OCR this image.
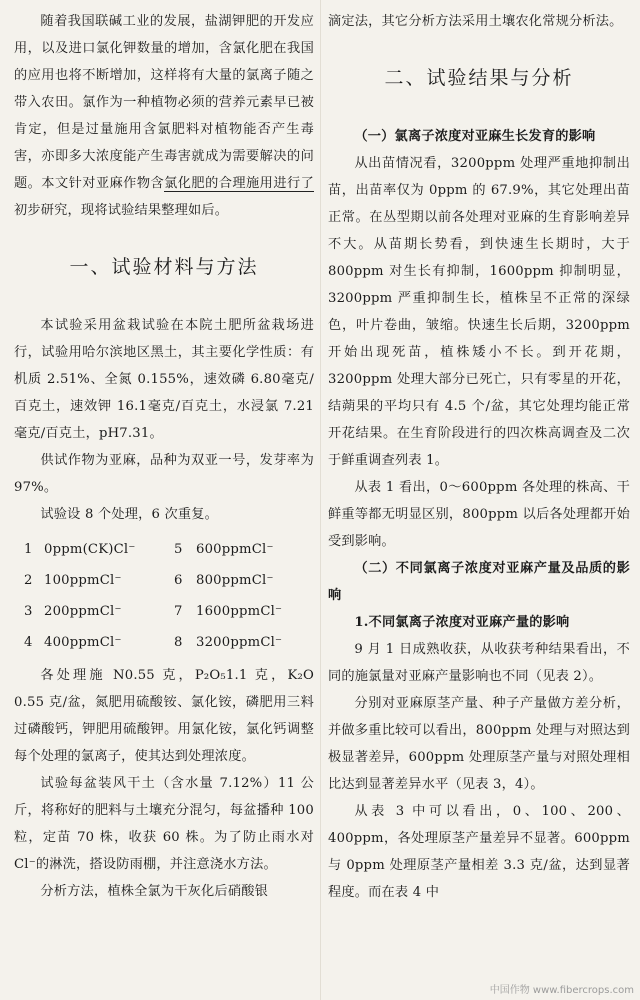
随着我国联碱工业的发展，盐湖钾肥的开发应用，以及进口氯化钾数量的增加，含氯化肥在我国的应用也将不断增加，这样将有大量的氯离子随之带入农田。氯作为一种植物必须的营养元素早已被肯定，但是过量施用含氯肥料对植物能否产生毒害，亦即多大浓度能产生毒害就成为需要解决的问题。本文针对亚麻作物含氯化肥的合理施用进行了初步研究，现将试验结果整理如后。

一、试验材料与方法

本试验采用盆栽试验在本院土肥所盆栽场进行，试验用哈尔滨地区黑土，其主要化学性质：有机质 2.51%、全氮 0.155%，速效磷 6.80毫克/百克土，速效钾 16.1毫克/百克土，水浸氯 7.21毫克/百克土，pH7.31。

供试作物为亚麻，品种为双亚一号，发芽率为97%。

试验设 8 个处理，6 次重复。

1 0ppm(CK)Cl⁻	5	600ppmCl⁻
2 100ppmCl⁻	6	800ppmCl⁻
3 200ppmCl⁻	7	1600ppmCl⁻
4 400ppmCl⁻	8	3200ppmCl⁻

各处理施 N0.55 克，P₂O₅1.1 克，K₂O 0.55 克/盆，氮肥用硫酸铵、氯化铵，磷肥用三料过磷酸钙，钾肥用硫酸钾。用氯化铵，氯化钙调整每个处理的氯离子，使其达到处理浓度。

试验每盆装风干土（含水量 7.12%）11 公斤，将称好的肥料与土壤充分混匀，每盆播种 100 粒，定苗 70 株，收获 60 株。为了防止雨水对 Cl⁻的淋洗，搭设防雨棚，并注意浇水方法。

分析方法，植株全氯为干灰化后硝酸银

滴定法，其它分析方法采用土壤农化常规分析法。

二、试验结果与分析

（一）氯离子浓度对亚麻生长发育的影响

从出苗情况看，3200ppm 处理严重地抑制出苗，出苗率仅为 0ppm 的 67.9%，其它处理出苗正常。在丛型期以前各处理对亚麻的生育影响差异不大。从苗期长势看，到快速生长期时，大于 800ppm 对生长有抑制，1600ppm 抑制明显，3200ppm 严重抑制生长，植株呈不正常的深绿色，叶片卷曲，皱缩。快速生长后期，3200ppm 开始出现死苗，植株矮小不长。到开花期，3200ppm 处理大部分已死亡，只有零星的开花，结蒴果的平均只有 4.5 个/盆，其它处理均能正常开花结果。在生育阶段进行的四次株高调查及二次于鲜重调查列表 1。

从表 1 看出，0～600ppm 各处理的株高、干鲜重等都无明显区别，800ppm 以后各处理都开始受到影响。

（二）不同氯离子浓度对亚麻产量及品质的影响

1.不同氯离子浓度对亚麻产量的影响

9 月 1 日成熟收获，从收获考种结果看出，不同的施氯量对亚麻产量影响也不同（见表 2）。

分别对亚麻原茎产量、种子产量做方差分析，并做多重比较可以看出，800ppm 处理与对照达到极显著差异，600ppm 处理原茎产量与对照处理相比达到显著差异水平（见表 3，4）。

从表 3 中可以看出，0、100、200、400ppm，各处理原茎产量差异不显著。600ppm 与 0ppm 处理原茎产量相差 3.3 克/盆，达到显著程度。而在表 4 中

中国作物 www.fibercrops.com
